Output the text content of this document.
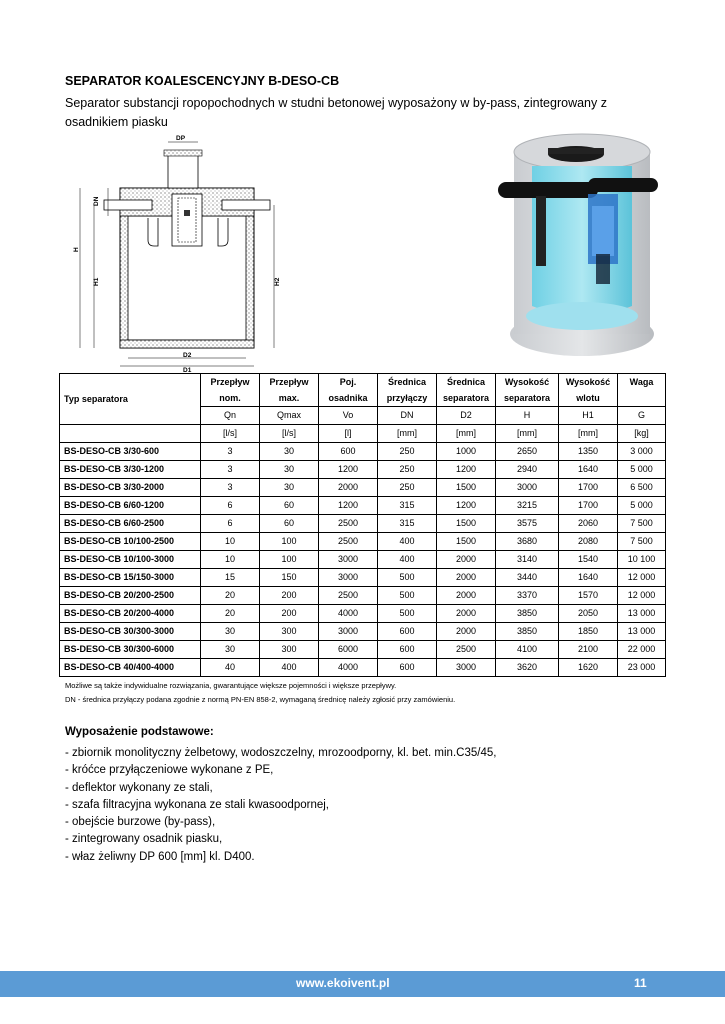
SEPARATOR KOALESCENCYJNY B-DESO-CB

Separator substancji ropopochodnych w studni betonowej wyposażony w by-pass, zintegrowany z
osadnikiem piasku

DP
DN
H
H1	H2
D2
D1
Typ separatora	Przepływ	Przepływ	Poj.	Średnica	Średnica	Wysokość	Wysokość	Waga
	nom.	max.	osadnika	przyłączy	separatora	separatora	wlotu	
	Qn	Qmax	Vo	DN	D2	H	H1	G
	[l/s]	[l/s]	[l]	[mm]	[mm]	[mm]	[mm]	[kg]
BS-DESO-CB 3/30-600	3	30	600	250	1000	2650	1350	3 000
BS-DESO-CB 3/30-1200	3	30	1200	250	1200	2940	1640	5 000
BS-DESO-CB 3/30-2000	3	30	2000	250	1500	3000	1700	6 500
BS-DESO-CB 6/60-1200	6	60	1200	315	1200	3215	1700	5 000
BS-DESO-CB 6/60-2500	6	60	2500	315	1500	3575	2060	7 500
BS-DESO-CB 10/100-2500	10	100	2500	400	1500	3680	2080	7 500
BS-DESO-CB 10/100-3000	10	100	3000	400	2000	3140	1540	10 100
BS-DESO-CB 15/150-3000	15	150	3000	500	2000	3440	1640	12 000
BS-DESO-CB 20/200-2500	20	200	2500	500	2000	3370	1570	12 000
BS-DESO-CB 20/200-4000	20	200	4000	500	2000	3850	2050	13 000
BS-DESO-CB 30/300-3000	30	300	3000	600	2000	3850	1850	13 000
BS-DESO-CB 30/300-6000	30	300	6000	600	2500	4100	2100	22 000
BS-DESO-CB 40/400-4000	40	400	4000	600	3000	3620	1620	23 000

Możliwe są także indywidualne rozwiązania, gwarantujące większe pojemności i większe przepływy.

DN - średnica przyłączy podana zgodnie z normą PN-EN 858-2, wymaganą średnicę należy zgłosić przy zamówieniu.

Wyposażenie podstawowe:

- zbiornik monolityczny żelbetowy, wodoszczelny, mrozoodporny, kl. bet. min.C35/45,
- króćce przyłączeniowe wykonane z PE,
- deflektor wykonany ze stali,
- szafa filtracyjna wykonana ze stali kwasoodpornej,
- obejście burzowe (by-pass),
- zintegrowany osadnik piasku,
- właz żeliwny DP 600 [mm] kl. D400.
www.ekoivent.pl	11
